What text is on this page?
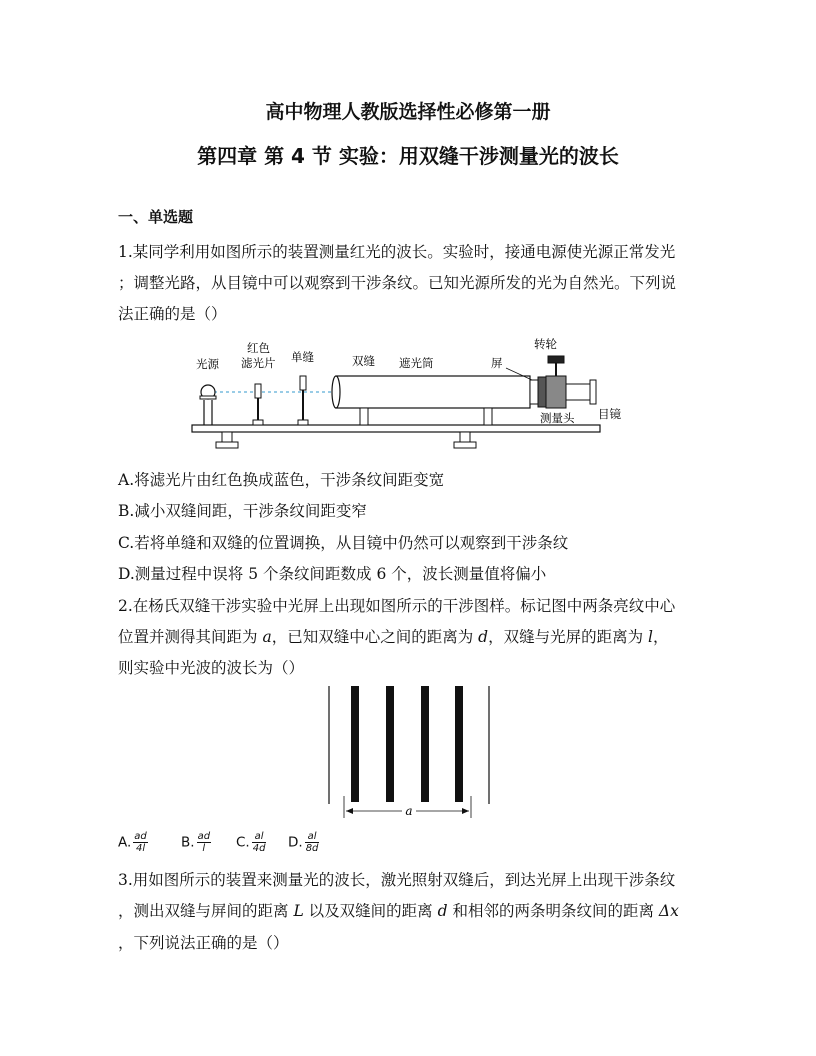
高中物理人教版选择性必修第一册
第四章 第 4 节 实验：用双缝干涉测量光的波长
一、单选题
1.某同学利用如图所示的装置测量红光的波长。实验时，接通电源使光源正常发光
；调整光路，从目镜中可以观察到干涉条纹。已知光源所发的光为自然光。下列说
法正确的是（）
光源
红色
滤光片 单缝	双缝 遮光筒	屏
转轮
测量头 目镜
A.将滤光片由红色换成蓝色，干涉条纹间距变宽
B.减小双缝间距，干涉条纹间距变窄
C.若将单缝和双缝的位置调换，从目镜中仍然可以观察到干涉条纹
D.测量过程中误将 5 个条纹间距数成 6 个，波长测量值将偏小
2.在杨氏双缝干涉实验中光屏上出现如图所示的干涉图样。标记图中两条亮纹中心
位置并测得其间距为 a，已知双缝中心之间的距离为 d，双缝与光屏的距离为 l，
则实验中光波的波长为（）
a
A. $\frac{ad}{4l} B$. $\frac{ad}{l} C$. $\frac{al}{4d} D$. $\frac{al}{8d}$
3.用如图所示的装置来测量光的波长，激光照射双缝后，到达光屏上出现干涉条纹
，测出双缝与屏间的距离 L 以及双缝间的距离 d 和相邻的两条明条纹间的距离 Δx
，下列说法正确的是（）
